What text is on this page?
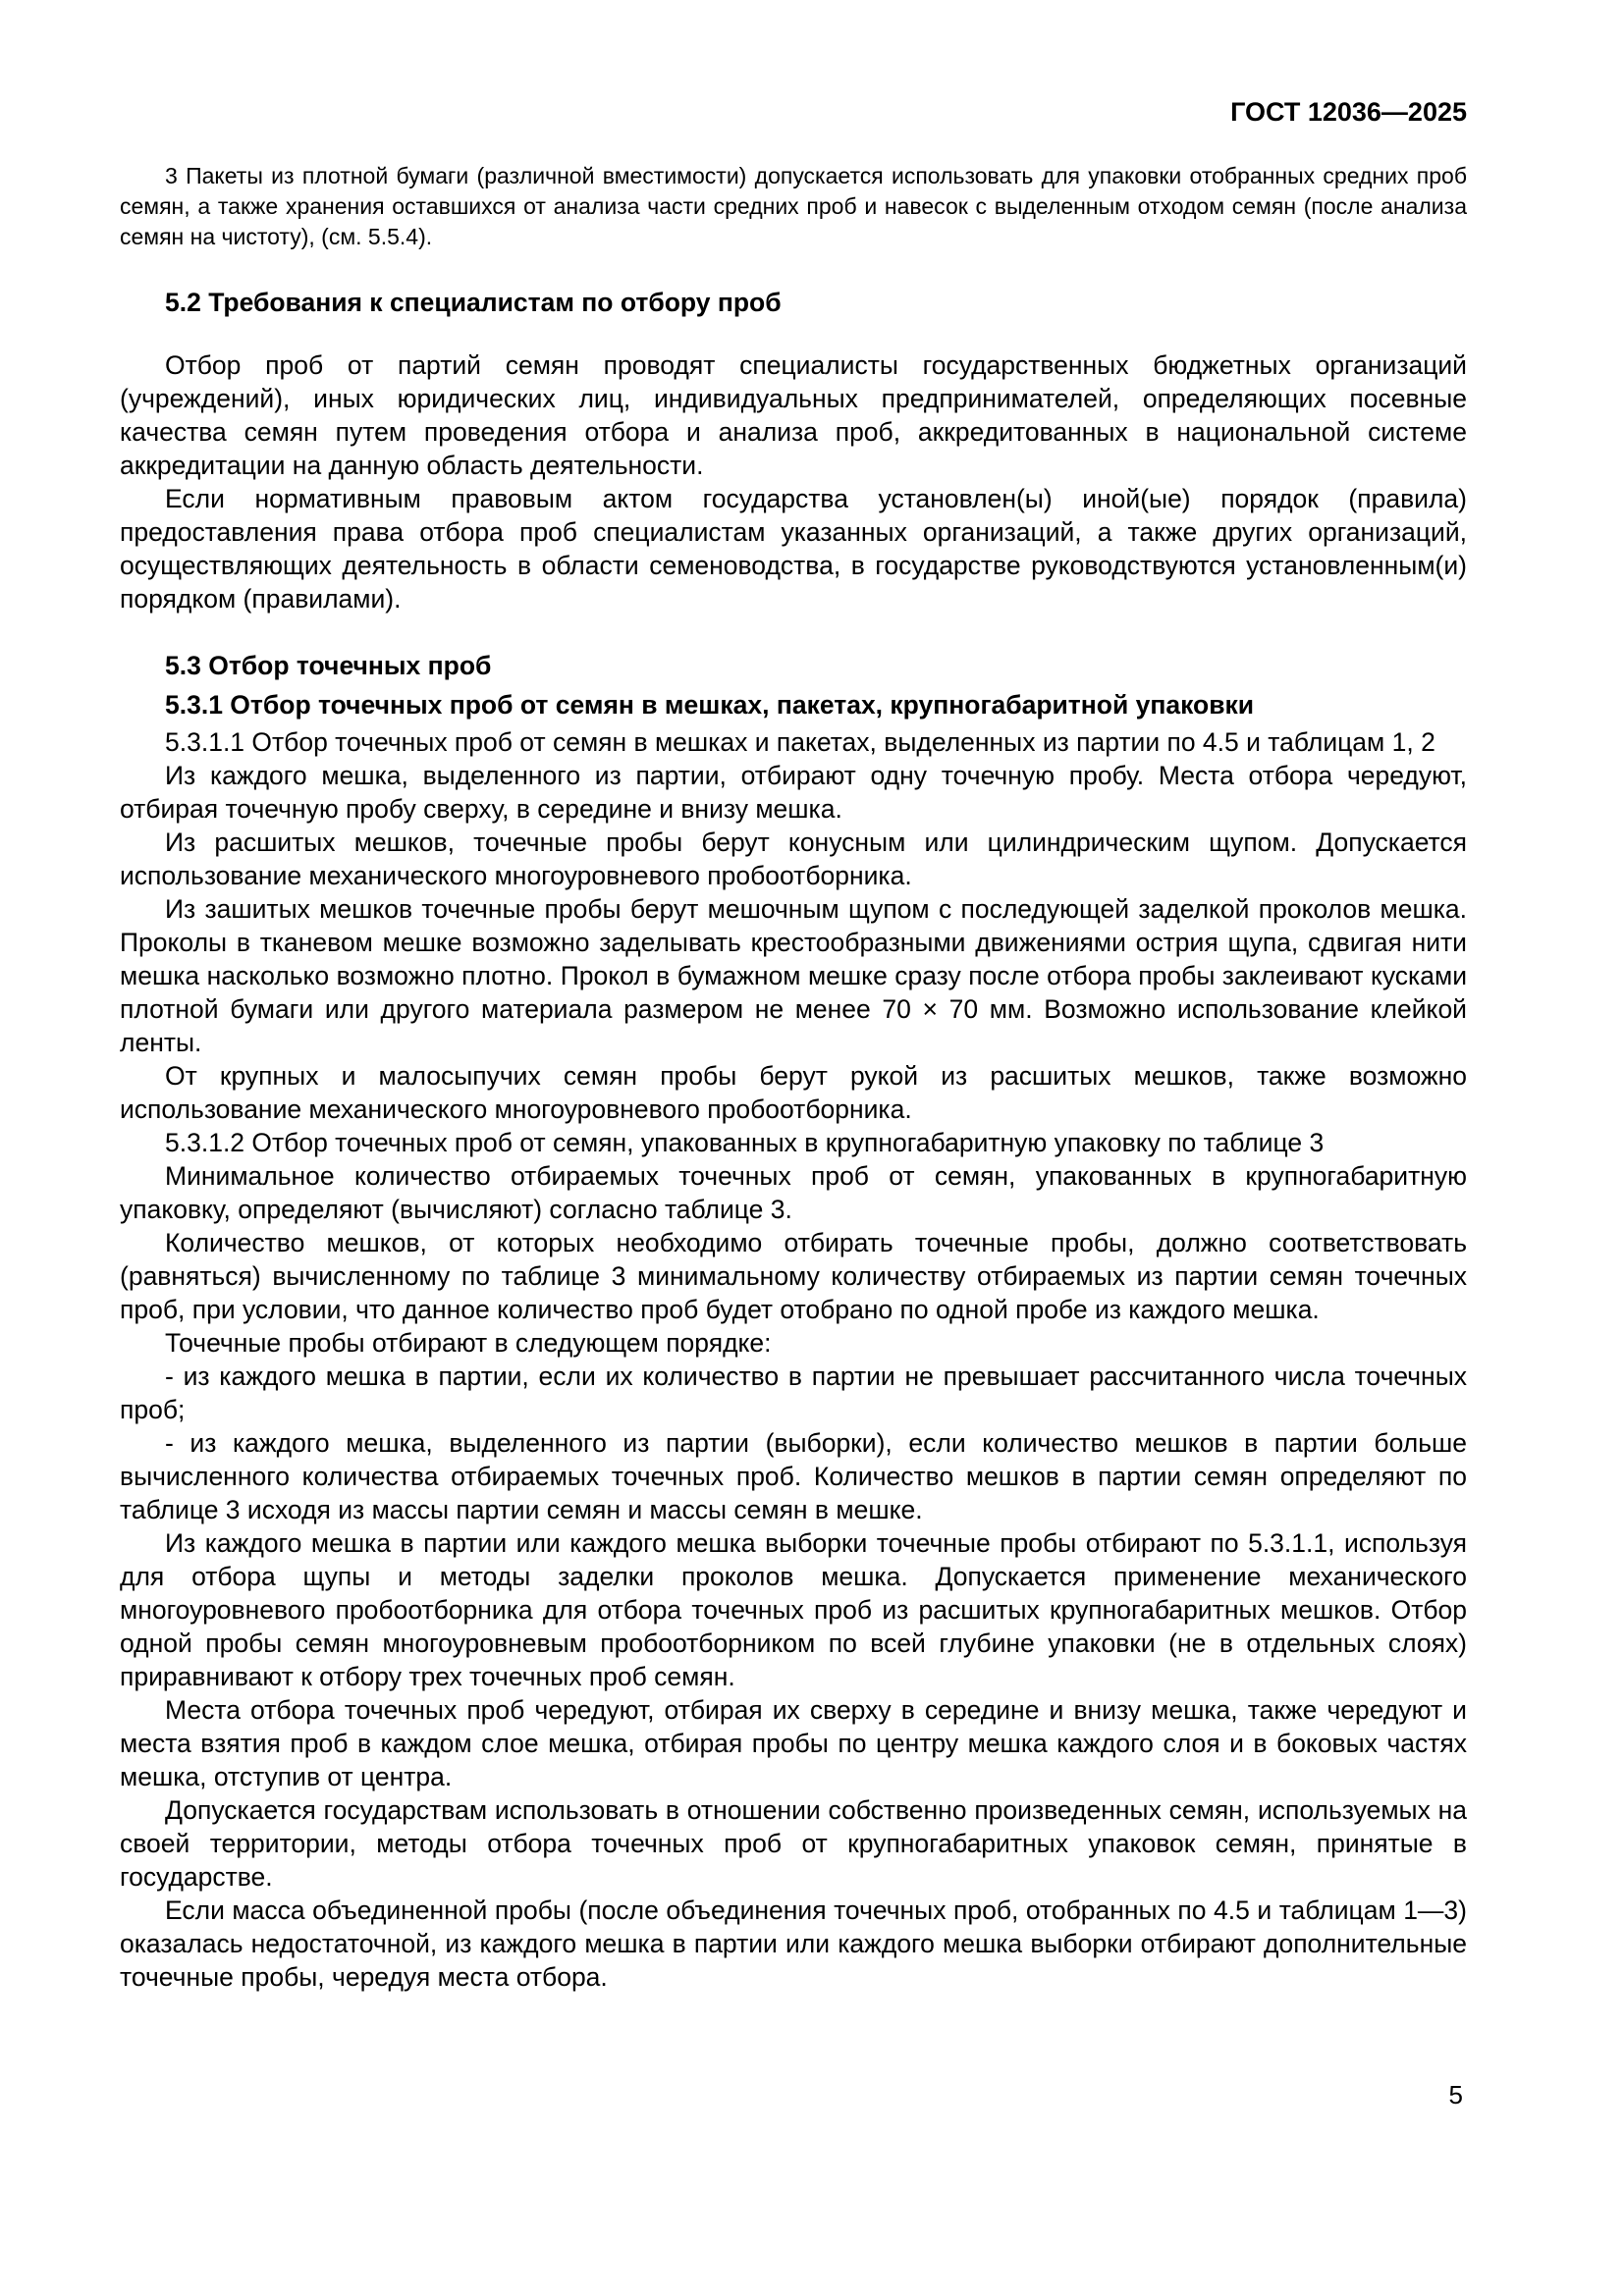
ГОСТ 12036—2025

3 Пакеты из плотной бумаги (различной вместимости) допускается использовать для упаковки отобранных средних проб семян, а также хранения оставшихся от анализа части средних проб и навесок с выделенным отходом семян (после анализа семян на чистоту), (см. 5.5.4).

5.2 Требования к специалистам по отбору проб

Отбор проб от партий семян проводят специалисты государственных бюджетных организаций (учреждений), иных юридических лиц, индивидуальных предпринимателей, определяющих посевные качества семян путем проведения отбора и анализа проб, аккредитованных в национальной системе аккредитации на данную область деятельности.

Если нормативным правовым актом государства установлен(ы) иной(ые) порядок (правила) предоставления права отбора проб специалистам указанных организаций, а также других организаций, осуществляющих деятельность в области семеноводства, в государстве руководствуются установленным(и) порядком (правилами).

5.3 Отбор точечных проб
5.3.1 Отбор точечных проб от семян в мешках, пакетах, крупногабаритной упаковки

5.3.1.1 Отбор точечных проб от семян в мешках и пакетах, выделенных из партии по 4.5 и таблицам 1, 2

Из каждого мешка, выделенного из партии, отбирают одну точечную пробу. Места отбора чередуют, отбирая точечную пробу сверху, в середине и внизу мешка.

Из расшитых мешков, точечные пробы берут конусным или цилиндрическим щупом. Допускается использование механического многоуровневого пробоотборника.

Из зашитых мешков точечные пробы берут мешочным щупом с последующей заделкой проколов мешка. Проколы в тканевом мешке возможно заделывать крестообразными движениями острия щупа, сдвигая нити мешка насколько возможно плотно. Прокол в бумажном мешке сразу после отбора пробы заклеивают кусками плотной бумаги или другого материала размером не менее 70 × 70 мм. Возможно использование клейкой ленты.

От крупных и малосыпучих семян пробы берут рукой из расшитых мешков, также возможно использование механического многоуровневого пробоотборника.

5.3.1.2 Отбор точечных проб от семян, упакованных в крупногабаритную упаковку по таблице 3

Минимальное количество отбираемых точечных проб от семян, упакованных в крупногабаритную упаковку, определяют (вычисляют) согласно таблице 3.

Количество мешков, от которых необходимо отбирать точечные пробы, должно соответствовать (равняться) вычисленному по таблице 3 минимальному количеству отбираемых из партии семян точечных проб, при условии, что данное количество проб будет отобрано по одной пробе из каждого мешка.

Точечные пробы отбирают в следующем порядке:

- из каждого мешка в партии, если их количество в партии не превышает рассчитанного числа точечных проб;

- из каждого мешка, выделенного из партии (выборки), если количество мешков в партии больше вычисленного количества отбираемых точечных проб. Количество мешков в партии семян определяют по таблице 3 исходя из массы партии семян и массы семян в мешке.

Из каждого мешка в партии или каждого мешка выборки точечные пробы отбирают по 5.3.1.1, используя для отбора щупы и методы заделки проколов мешка. Допускается применение механического многоуровневого пробоотборника для отбора точечных проб из расшитых крупногабаритных мешков. Отбор одной пробы семян многоуровневым пробоотборником по всей глубине упаковки (не в отдельных слоях) приравнивают к отбору трех точечных проб семян.

Места отбора точечных проб чередуют, отбирая их сверху в середине и внизу мешка, также чередуют и места взятия проб в каждом слое мешка, отбирая пробы по центру мешка каждого слоя и в боковых частях мешка, отступив от центра.

Допускается государствам использовать в отношении собственно произведенных семян, используемых на своей территории, методы отбора точечных проб от крупногабаритных упаковок семян, принятые в государстве.

Если масса объединенной пробы (после объединения точечных проб, отобранных по 4.5 и таблицам 1—3) оказалась недостаточной, из каждого мешка в партии или каждого мешка выборки отбирают дополнительные точечные пробы, чередуя места отбора.

5
